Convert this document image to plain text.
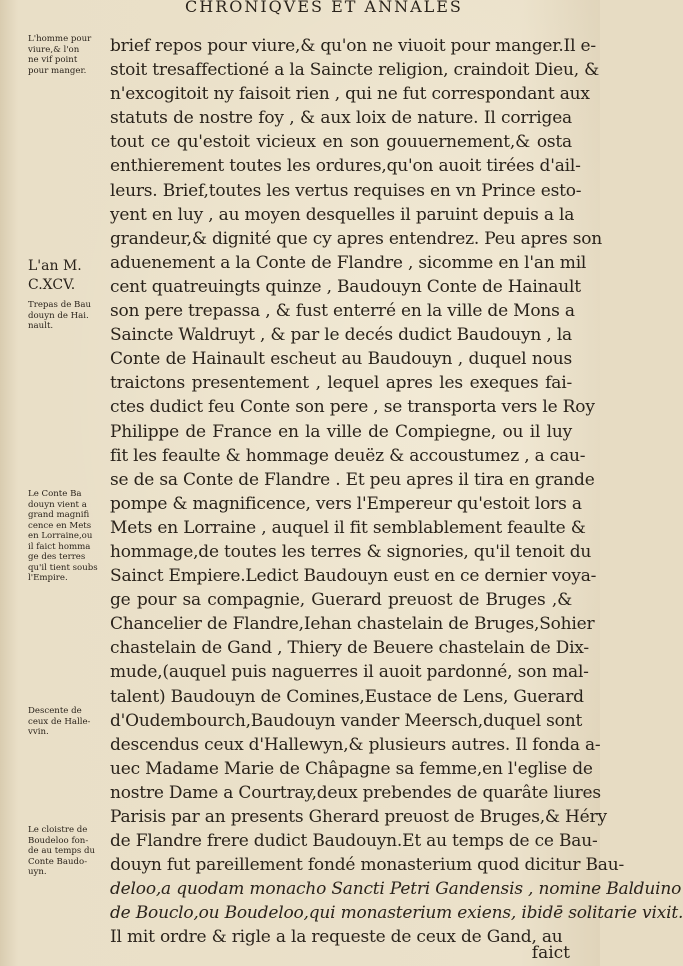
CHRONIQVES ET ANNALES
L'homme pour
viure,& l'on
ne vif point
pour manger.
L'an M.
C.XCV.
Trepas de Bau
douyn de Hai.
nault.
Le Conte Ba
douyn vient a
grand magnifi
cence en Mets
en Lorraine,ou
il faict homma
ge des terres
qu'il tient soubs
l'Empire.
Descente de
ceux de Halle-
vvin.
Le cloistre de
Boudeloo fon-
de au temps du
Conte Baudo-
uyn.
brief repos pour viure,& qu'on ne viuoit pour manger.Il e-
stoit tresaffectioné a la Saincte religion, craindoit Dieu, &
n'excogitoit ny faisoit rien , qui ne fut correspondant aux
statuts de nostre foy , & aux loix de nature. Il corrigea
tout ce qu'estoit vicieux en son gouuernement,& osta
enthierement toutes les ordures,qu'on auoit tirées d'ail-
leurs. Brief,toutes les vertus requises en vn Prince esto-
yent en luy , au moyen desquelles il paruint depuis a la
grandeur,& dignité que cy apres entendrez. Peu apres son
aduenement a la Conte de Flandre , sicomme en l'an mil
cent quatreuingts quinze , Baudouyn Conte de Hainault
son pere trepassa , & fust enterré en la ville de Mons a
Saincte Waldruyt , & par le decés dudict Baudouyn , la
Conte de Hainault escheut au Baudouyn , duquel nous
traictons presentement , lequel apres les exeques fai-
ctes dudict feu Conte son pere , se transporta vers le Roy
Philippe de France en la ville de Compiegne, ou il luy
fit les feaulte & hommage deuëz & accoustumez , a cau-
se de sa Conte de Flandre . Et peu apres il tira en grande
pompe & magnificence, vers l'Empereur qu'estoit lors a
Mets en Lorraine , auquel il fit semblablement feaulte &
hommage,de toutes les terres & signories, qu'il tenoit du
Sainct Empiere.Ledict Baudouyn eust en ce dernier voya-
ge pour sa compagnie, Guerard preuost de Bruges ,&
Chancelier de Flandre,Iehan chastelain de Bruges,Sohier
chastelain de Gand , Thiery de Beuere chastelain de Dix-
mude,(auquel puis naguerres il auoit pardonné, son mal-
talent) Baudouyn de Comines,Eustace de Lens, Guerard
d'Oudembourch,Baudouyn vander Meersch,duquel sont
descendus ceux d'Hallewyn,& plusieurs autres. Il fonda a-
uec Madame Marie de Châpagne sa femme,en l'eglise de
nostre Dame a Courtray,deux prebendes de quarâte liures
Parisis par an presents Gherard preuost de Bruges,& Héry
de Flandre frere dudict Baudouyn.Et au temps de ce Bau-
douyn fut pareillement fondé monasterium quod dicitur Bau-
deloo,a quodam monacho Sancti Petri Gandensis , nomine Balduino
de Bouclo,ou Boudeloo,qui monasterium exiens, ibidē solitarie vixit.
Il mit ordre & rigle a la requeste de ceux de Gand, au
faict
